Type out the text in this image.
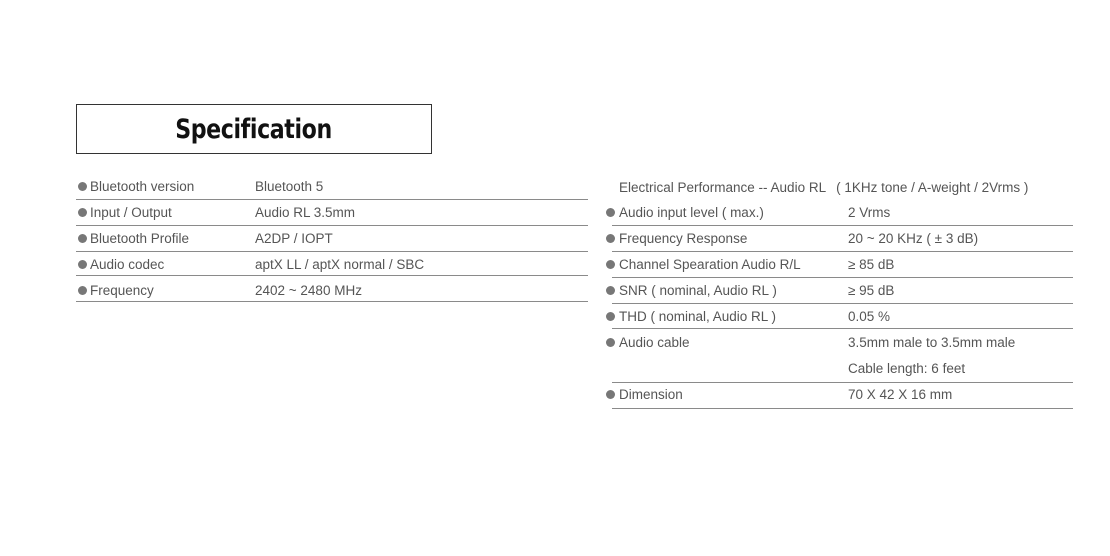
Specification
Bluetooth version	Bluetooth 5
Input / Output	Audio RL 3.5mm
Bluetooth Profile	A2DP / IOPT
Audio codec	aptX LL / aptX normal / SBC
Frequency	2402 ~ 2480 MHz
Electrical Performance -- Audio RL ( 1KHz tone / A-weight / 2Vrms )
Audio input level ( max.)	2 Vrms
Frequency Response	20 ~ 20 KHz ( ± 3 dB)
Channel Spearation Audio R/L	≥ 85 dB
SNR ( nominal, Audio RL )	≥ 95 dB
THD ( nominal, Audio RL )	0.05 %
Audio cable	3.5mm male to 3.5mm male
Cable length: 6 feet
Dimension	70 X 42 X 16 mm
